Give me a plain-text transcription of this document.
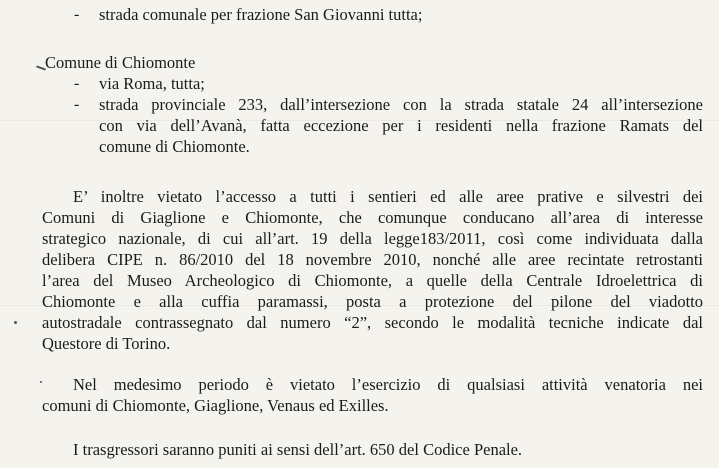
- strada comunale per frazione San Giovanni tutta;
Comune di Chiomonte
- via Roma, tutta;
- strada provinciale 233, dall’intersezione con la strada statale 24 all’intersezione
con via dell’Avanà, fatta eccezione per i residenti nella frazione Ramats del
comune di Chiomonte.
E’ inoltre vietato l’accesso a tutti i sentieri ed alle aree prative e silvestri dei
Comuni di Giaglione e Chiomonte, che comunque conducano all’area di interesse
strategico nazionale, di cui all’art. 19 della legge183/2011, così come individuata dalla
delibera CIPE n. 86/2010 del 18 novembre 2010, nonché alle aree recintate retrostanti
l’area del Museo Archeologico di Chiomonte, a quelle della Centrale Idroelettrica di
Chiomonte e alla cuffia paramassi, posta a protezione del pilone del viadotto
autostradale contrassegnato dal numero “2”, secondo le modalità tecniche indicate dal
Questore di Torino.
Nel medesimo periodo è vietato l’esercizio di qualsiasi attività venatoria nei
comuni di Chiomonte, Giaglione, Venaus ed Exilles.
I trasgressori saranno puniti ai sensi dell’art. 650 del Codice Penale.
